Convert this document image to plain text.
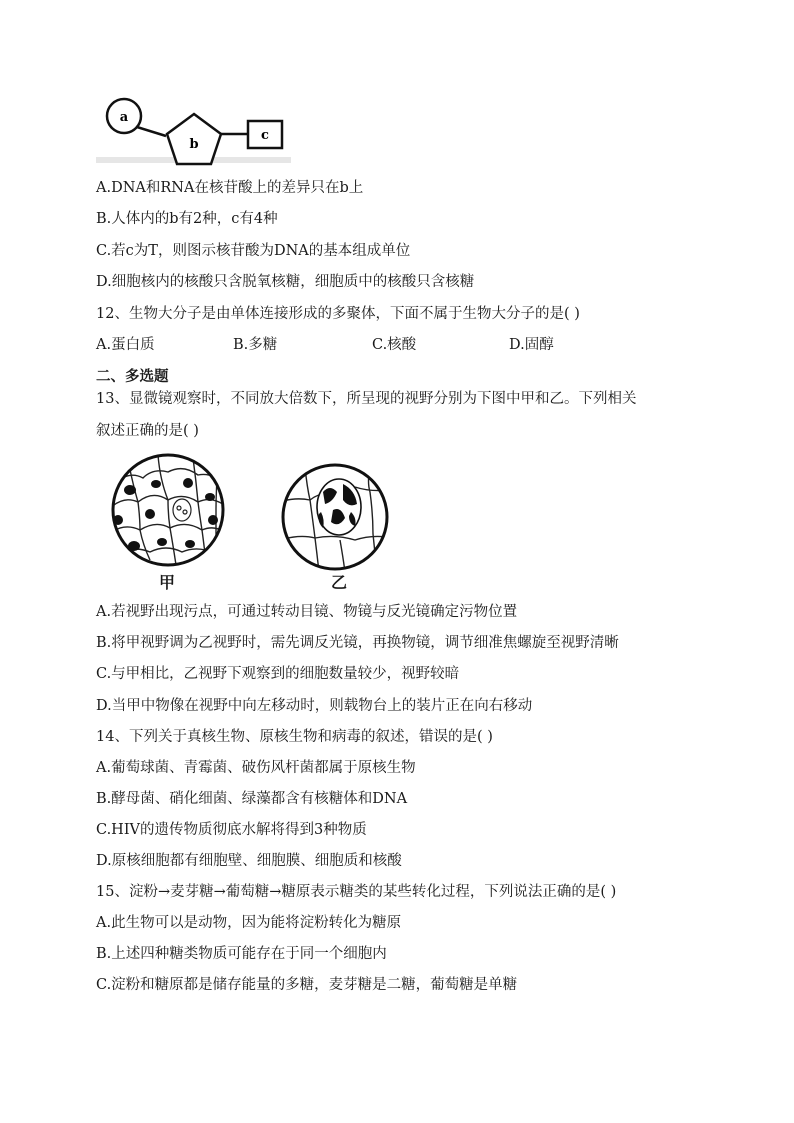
a
b
c
A.DNA和RNA在核苷酸上的差异只在b上
B.人体内的b有2种，c有4种
C.若c为T，则图示核苷酸为DNA的基本组成单位
D.细胞核内的核酸只含脱氧核糖，细胞质中的核酸只含核糖
12、生物大分子是由单体连接形成的多聚体，下面不属于生物大分子的是( )
A.蛋白质	B.多糖	C.核酸	D.固醇
二、多选题
13、显微镜观察时，不同放大倍数下，所呈现的视野分别为下图中甲和乙。下列相关
叙述正确的是( )
甲	乙
A.若视野出现污点，可通过转动目镜、物镜与反光镜确定污物位置
B.将甲视野调为乙视野时，需先调反光镜，再换物镜，调节细准焦螺旋至视野清晰
C.与甲相比，乙视野下观察到的细胞数量较少，视野较暗
D.当甲中物像在视野中向左移动时，则载物台上的装片正在向右移动
14、下列关于真核生物、原核生物和病毒的叙述，错误的是( )
A.葡萄球菌、青霉菌、破伤风杆菌都属于原核生物
B.酵母菌、硝化细菌、绿藻都含有核糖体和DNA
C.HIV的遗传物质彻底水解将得到3种物质
D.原核细胞都有细胞壁、细胞膜、细胞质和核酸
15、淀粉→麦芽糖→葡萄糖→糖原表示糖类的某些转化过程，下列说法正确的是( )
A.此生物可以是动物，因为能将淀粉转化为糖原
B.上述四种糖类物质可能存在于同一个细胞内
C.淀粉和糖原都是储存能量的多糖，麦芽糖是二糖，葡萄糖是单糖
